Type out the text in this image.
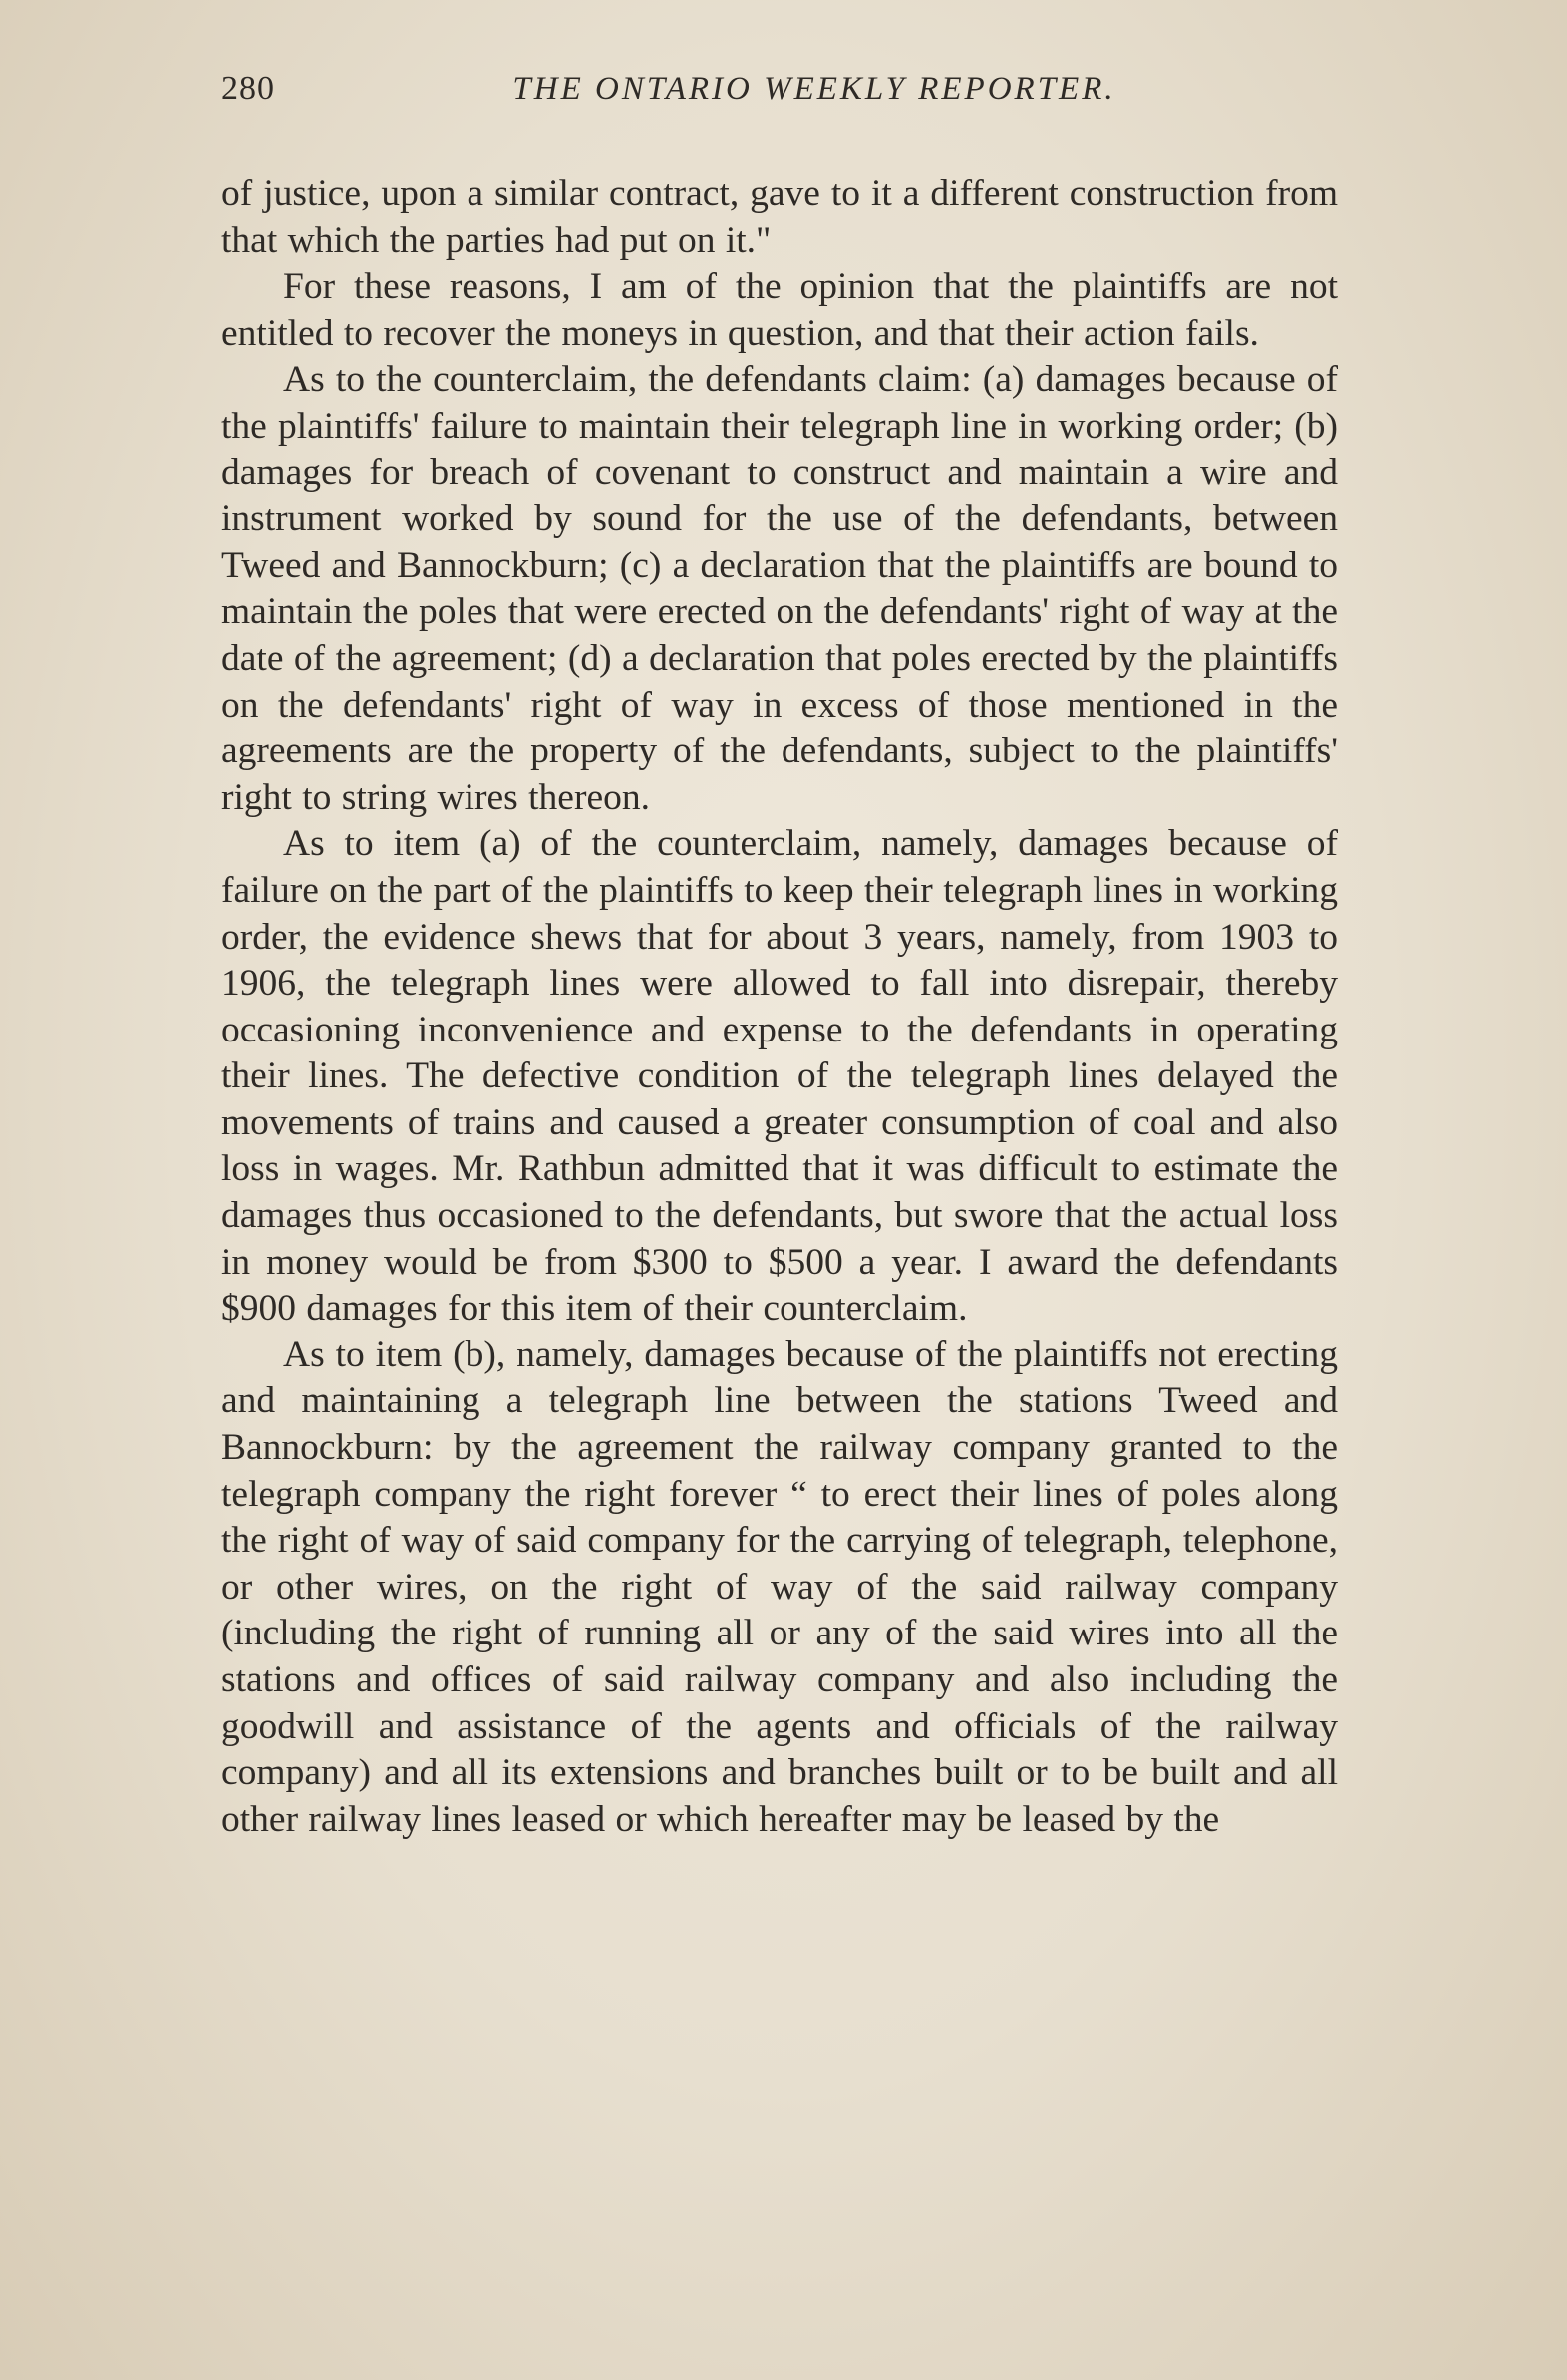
280	THE ONTARIO WEEKLY REPORTER.

of justice, upon a similar contract, gave to it a different construction from that which the parties had put on it."

For these reasons, I am of the opinion that the plaintiffs are not entitled to recover the moneys in question, and that their action fails.

As to the counterclaim, the defendants claim: (a) damages because of the plaintiffs' failure to maintain their telegraph line in working order; (b) damages for breach of covenant to construct and maintain a wire and instrument worked by sound for the use of the defendants, between Tweed and Bannockburn; (c) a declaration that the plaintiffs are bound to maintain the poles that were erected on the defendants' right of way at the date of the agreement; (d) a declaration that poles erected by the plaintiffs on the defendants' right of way in excess of those mentioned in the agreements are the property of the defendants, subject to the plaintiffs' right to string wires thereon.

As to item (a) of the counterclaim, namely, damages because of failure on the part of the plaintiffs to keep their telegraph lines in working order, the evidence shews that for about 3 years, namely, from 1903 to 1906, the telegraph lines were allowed to fall into disrepair, thereby occasioning inconvenience and expense to the defendants in operating their lines. The defective condition of the telegraph lines delayed the movements of trains and caused a greater consumption of coal and also loss in wages. Mr. Rathbun admitted that it was difficult to estimate the damages thus occasioned to the defendants, but swore that the actual loss in money would be from $300 to $500 a year. I award the defendants $900 damages for this item of their counterclaim.

As to item (b), namely, damages because of the plaintiffs not erecting and maintaining a telegraph line between the stations Tweed and Bannockburn: by the agreement the railway company granted to the telegraph company the right forever “ to erect their lines of poles along the right of way of said company for the carrying of telegraph, telephone, or other wires, on the right of way of the said railway company (including the right of running all or any of the said wires into all the stations and offices of said railway company and also including the goodwill and assistance of the agents and officials of the railway company) and all its extensions and branches built or to be built and all other railway lines leased or which hereafter may be leased by the
